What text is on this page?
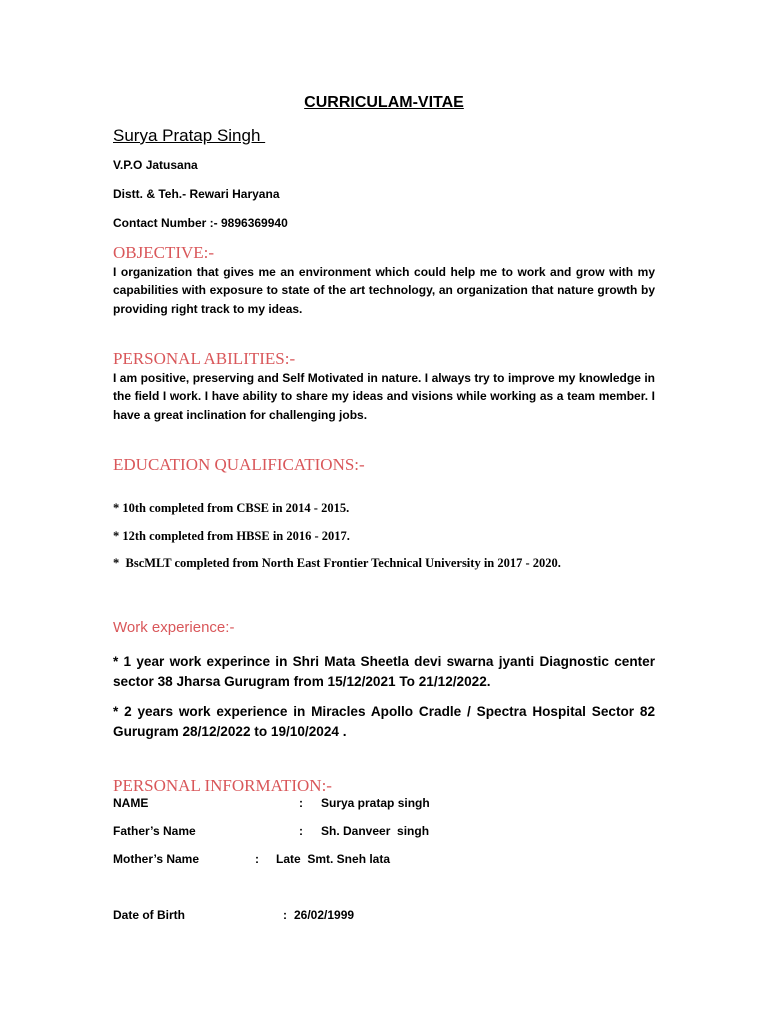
CURRICULAM-VITAE
Surya Pratap Singh
V.P.O Jatusana
Distt. & Teh.- Rewari Haryana
Contact Number :- 9896369940
OBJECTIVE:-
I organization that gives me an environment which could help me to work and grow with my capabilities with exposure to state of the art technology, an organization that nature growth by providing right track to my ideas.
PERSONAL ABILITIES:-
I am positive, preserving and Self Motivated in nature. I always try to improve my knowledge in the field I work. I have ability to share my ideas and visions while working as a team member. I have a great inclination for challenging jobs.
EDUCATION QUALIFICATIONS:-
* 10th completed from CBSE in 2014 - 2015.
* 12th completed from HBSE in 2016 - 2017.
*  BscMLT completed from North East Frontier Technical University in 2017 - 2020.
Work experience:-
* 1 year work experince in Shri Mata Sheetla devi swarna jyanti Diagnostic center sector 38 Jharsa Gurugram from 15/12/2021 To 21/12/2022.
* 2 years work experience in Miracles Apollo Cradle / Spectra Hospital Sector 82 Gurugram 28/12/2022 to 19/10/2024 .
PERSONAL INFORMATION:-
NAME	: Surya pratap singh
Father’s Name	: Sh. Danveer  singh
Mother’s Name	: Late  Smt. Sneh lata
Date of Birth	: 26/02/1999
